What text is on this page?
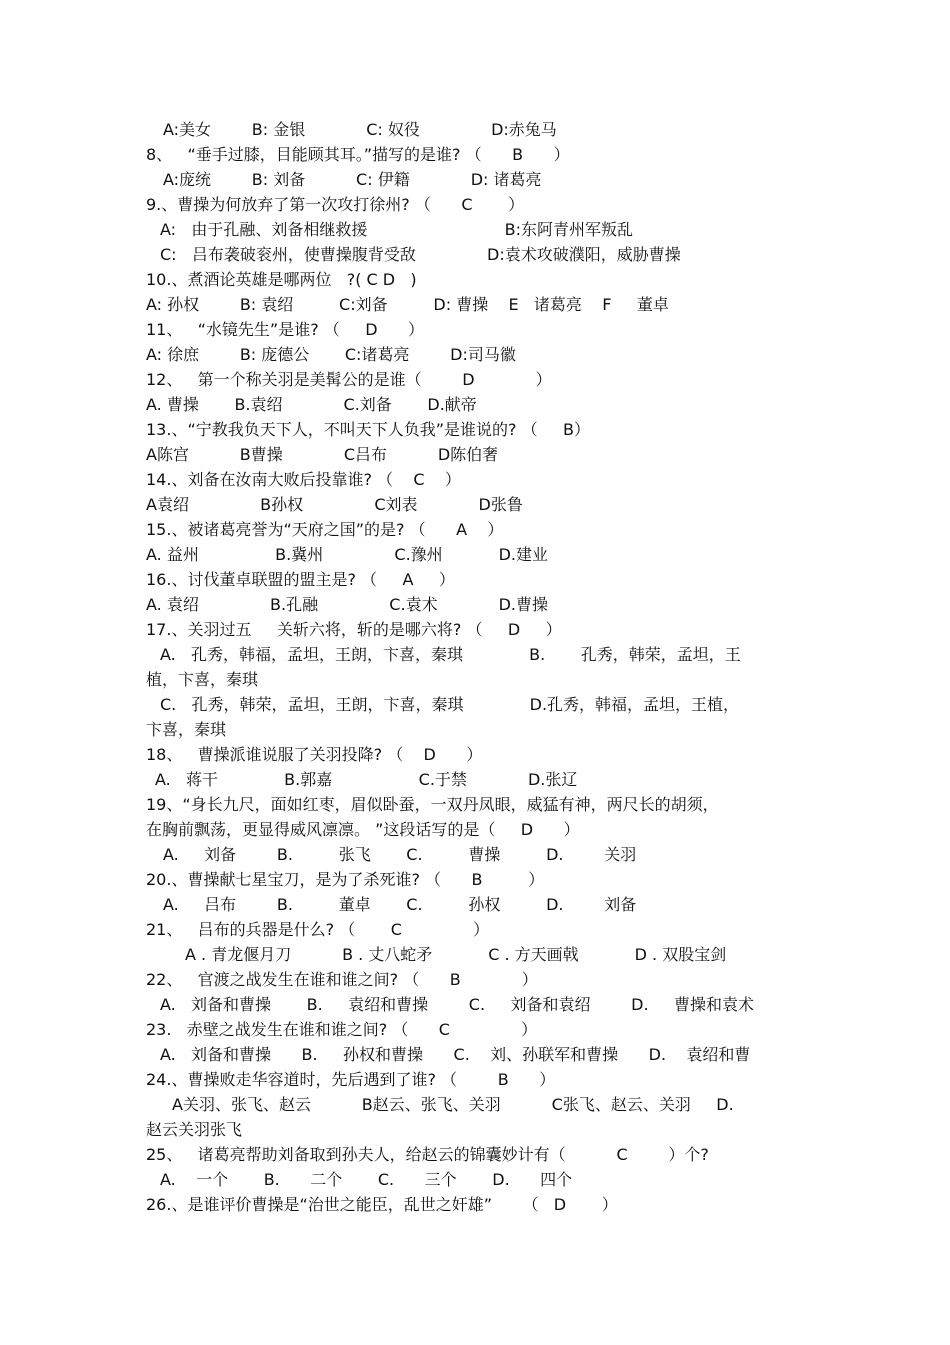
A:美女        B: 金银            C: 奴役              D:赤兔马
8、   “垂手过膝，目能顾其耳。”描写的是谁? （      B      ）
A:庞统        B: 刘备          C: 伊籍            D: 诸葛亮
9.、曹操为何放弃了第一次攻打徐州? （      C       ）
A:   由于孔融、刘备相继救援                           B:东阿青州军叛乱
C:   吕布袭破衮州，使曹操腹背受敌              D:袁术攻破濮阳，威胁曹操
10.、煮酒论英雄是哪两位   ?( C D   )
A: 孙权        B: 袁绍         C:刘备         D: 曹操    E   诸葛亮    F     董卓
11、   “水镜先生”是谁? （     D      ）
A: 徐庶        B: 庞德公       C:诸葛亮        D:司马徽
12、   第一个称关羽是美髯公的是谁（        D            ）
A. 曹操       B.袁绍            C.刘备       D.献帝
13.、“宁教我负天下人，不叫天下人负我”是谁说的? （     B）
A陈宫          B曹操            C吕布          D陈伯奢
14.、刘备在汝南大败后投靠谁? （    C    ）
A袁绍              B孙权              C刘表            D张鲁
15.、被诸葛亮誉为“天府之国”的是? （      A    ）
A. 益州               B.冀州              C.豫州           D.建业
16.、讨伐董卓联盟的盟主是? （     A     ）
A. 袁绍              B.孔融              C.袁术            D.曹操
17.、关羽过五     关斩六将，斩的是哪六将? （     D     ）
A.   孔秀，韩福，孟坦，王朗，卞喜，秦琪             B.       孔秀，韩荣，孟坦，王
植，卞喜，秦琪
C.   孔秀，韩荣，孟坦，王朗，卞喜，秦琪             D.孔秀，韩福，孟坦，王植，
卞喜，秦琪
18、   曹操派谁说服了关羽投降? （    D      ）
A.   蒋干             B.郭嘉                 C.于禁            D.张辽
19、“身长九尺，面如红枣，眉似卧蚕，一双丹凤眼，威猛有神，两尺长的胡须，
在胸前飘荡，更显得威风凛凛。 ”这段话写的是（     D      ）
A.     刘备        B.         张飞       C.         曹操         D.        关羽
20.、曹操献七星宝刀，是为了杀死谁? （      B         ）
A.     吕布        B.         董卓       C.         孙权         D.        刘备
21、   吕布的兵器是什么? （       C              ）
A . 青龙偃月刀          B . 丈八蛇矛           C . 方天画戟           D . 双股宝剑
22、   官渡之战发生在谁和谁之间? （      B            ）
A.   刘备和曹操       B.     袁绍和曹操        C.     刘备和袁绍        D.     曹操和袁术
23.   赤壁之战发生在谁和谁之间? （      C              ）
A.   刘备和曹操      B.     孙权和曹操      C.    刘、孙联军和曹操      D.    袁绍和曹
24.、曹操败走华容道时，先后遇到了谁? （        B      ）
A关羽、张飞、赵云          B赵云、张飞、关羽          C张飞、赵云、关羽     D.
赵云关羽张飞
25、   诸葛亮帮助刘备取到孙夫人，给赵云的锦囊妙计有（          C        ）个?
A.    一个       B.      二个       C.      三个       D.      四个
26.、是谁评价曹操是“治世之能臣，乱世之奸雄”      （   D       ）
